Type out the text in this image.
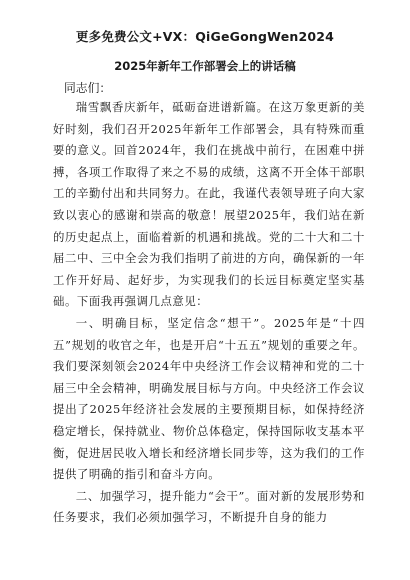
更多免费公文+VX：QiGeGongWen2024
2025年新年工作部署会上的讲话稿
同志们：

瑞雪飘香庆新年，砥砺奋进谱新篇。在这万象更新的美好时刻，我们召开2025年新年工作部署会，具有特殊而重要的意义。回首2024年，我们在挑战中前行，在困难中拼搏，各项工作取得了来之不易的成绩，这离不开全体干部职工的辛勤付出和共同努力。在此，我谨代表领导班子向大家致以衷心的感谢和崇高的敬意！展望2025年，我们站在新的历史起点上，面临着新的机遇和挑战。党的二十大和二十届二中、三中全会为我们指明了前进的方向，确保新的一年工作开好局、起好步，为实现我们的长远目标奠定坚实基础。下面我再强调几点意见：

一、明确目标，坚定信念“想干”。2025年是“十四五”规划的收官之年，也是开启“十五五”规划的重要之年。我们要深刻领会2024年中央经济工作会议精神和党的二十届三中全会精神，明确发展目标与方向。中央经济工作会议提出了2025年经济社会发展的主要预期目标，如保持经济稳定增长，保持就业、物价总体稳定，保持国际收支基本平衡，促进居民收入增长和经济增长同步等，这为我们的工作提供了明确的指引和奋斗方向。

二、加强学习，提升能力“会干”。面对新的发展形势和任务要求，我们必须加强学习，不断提升自身的能力
